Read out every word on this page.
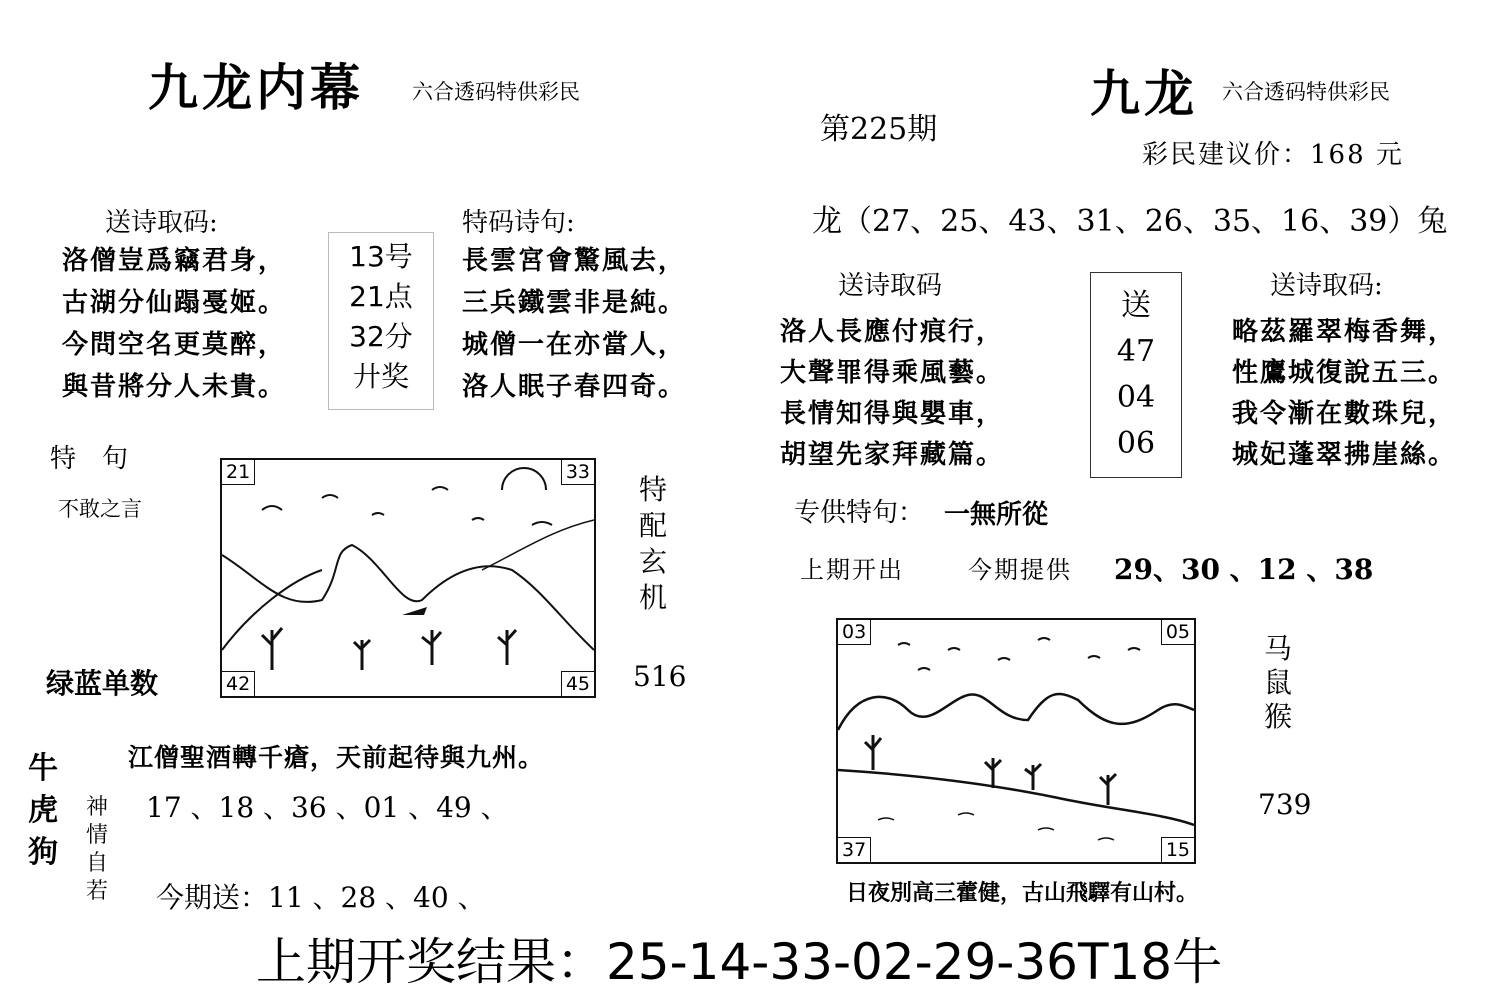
九龙内幕 六合透码特供彩民
送诗取码:
洛僧豈爲竊君身，
古湖分仙蹋戞姬。
今問空名更莫醉，
與昔將分人未貴。
13号
21点
32分
廾奖
特码诗句:
長雲宮會驚風去，
三兵鐵雲非是純。
城僧一在亦當人，
洛人眠子春四奇。
特　句
不敢之言
21	33
42	45
特
配
玄
机
绿蓝单数	516
牛
虎
狗
神
情
自
若
江僧聖酒轉千瘡，天前起待與九州。
17 、18 、36 、01 、49 、
今期送：11 、28 、40 、
第225期
九龙 六合透码特供彩民
彩民建议价：168 元
龙（27、25、43、31、26、35、16、39）兔
送诗取码
洛人長應付痕行，
大聲罪得乘風藝。
長情知得與嬰車，
胡望先家拜藏篇。
送
47
04
06
送诗取码:
略茲羅翠梅香舞，
性鷹城復說五三。
我令漸在數珠兒，
城妃蓬翠拂崖絲。
专供特句： 一無所從
上期开出	今期提供 29、30 、12 、38
03	05
37	15
马
鼠
猴
739
日夜別高三藿健，古山飛驛有山村。
上期开奖结果：25-14-33-02-29-36T18牛
